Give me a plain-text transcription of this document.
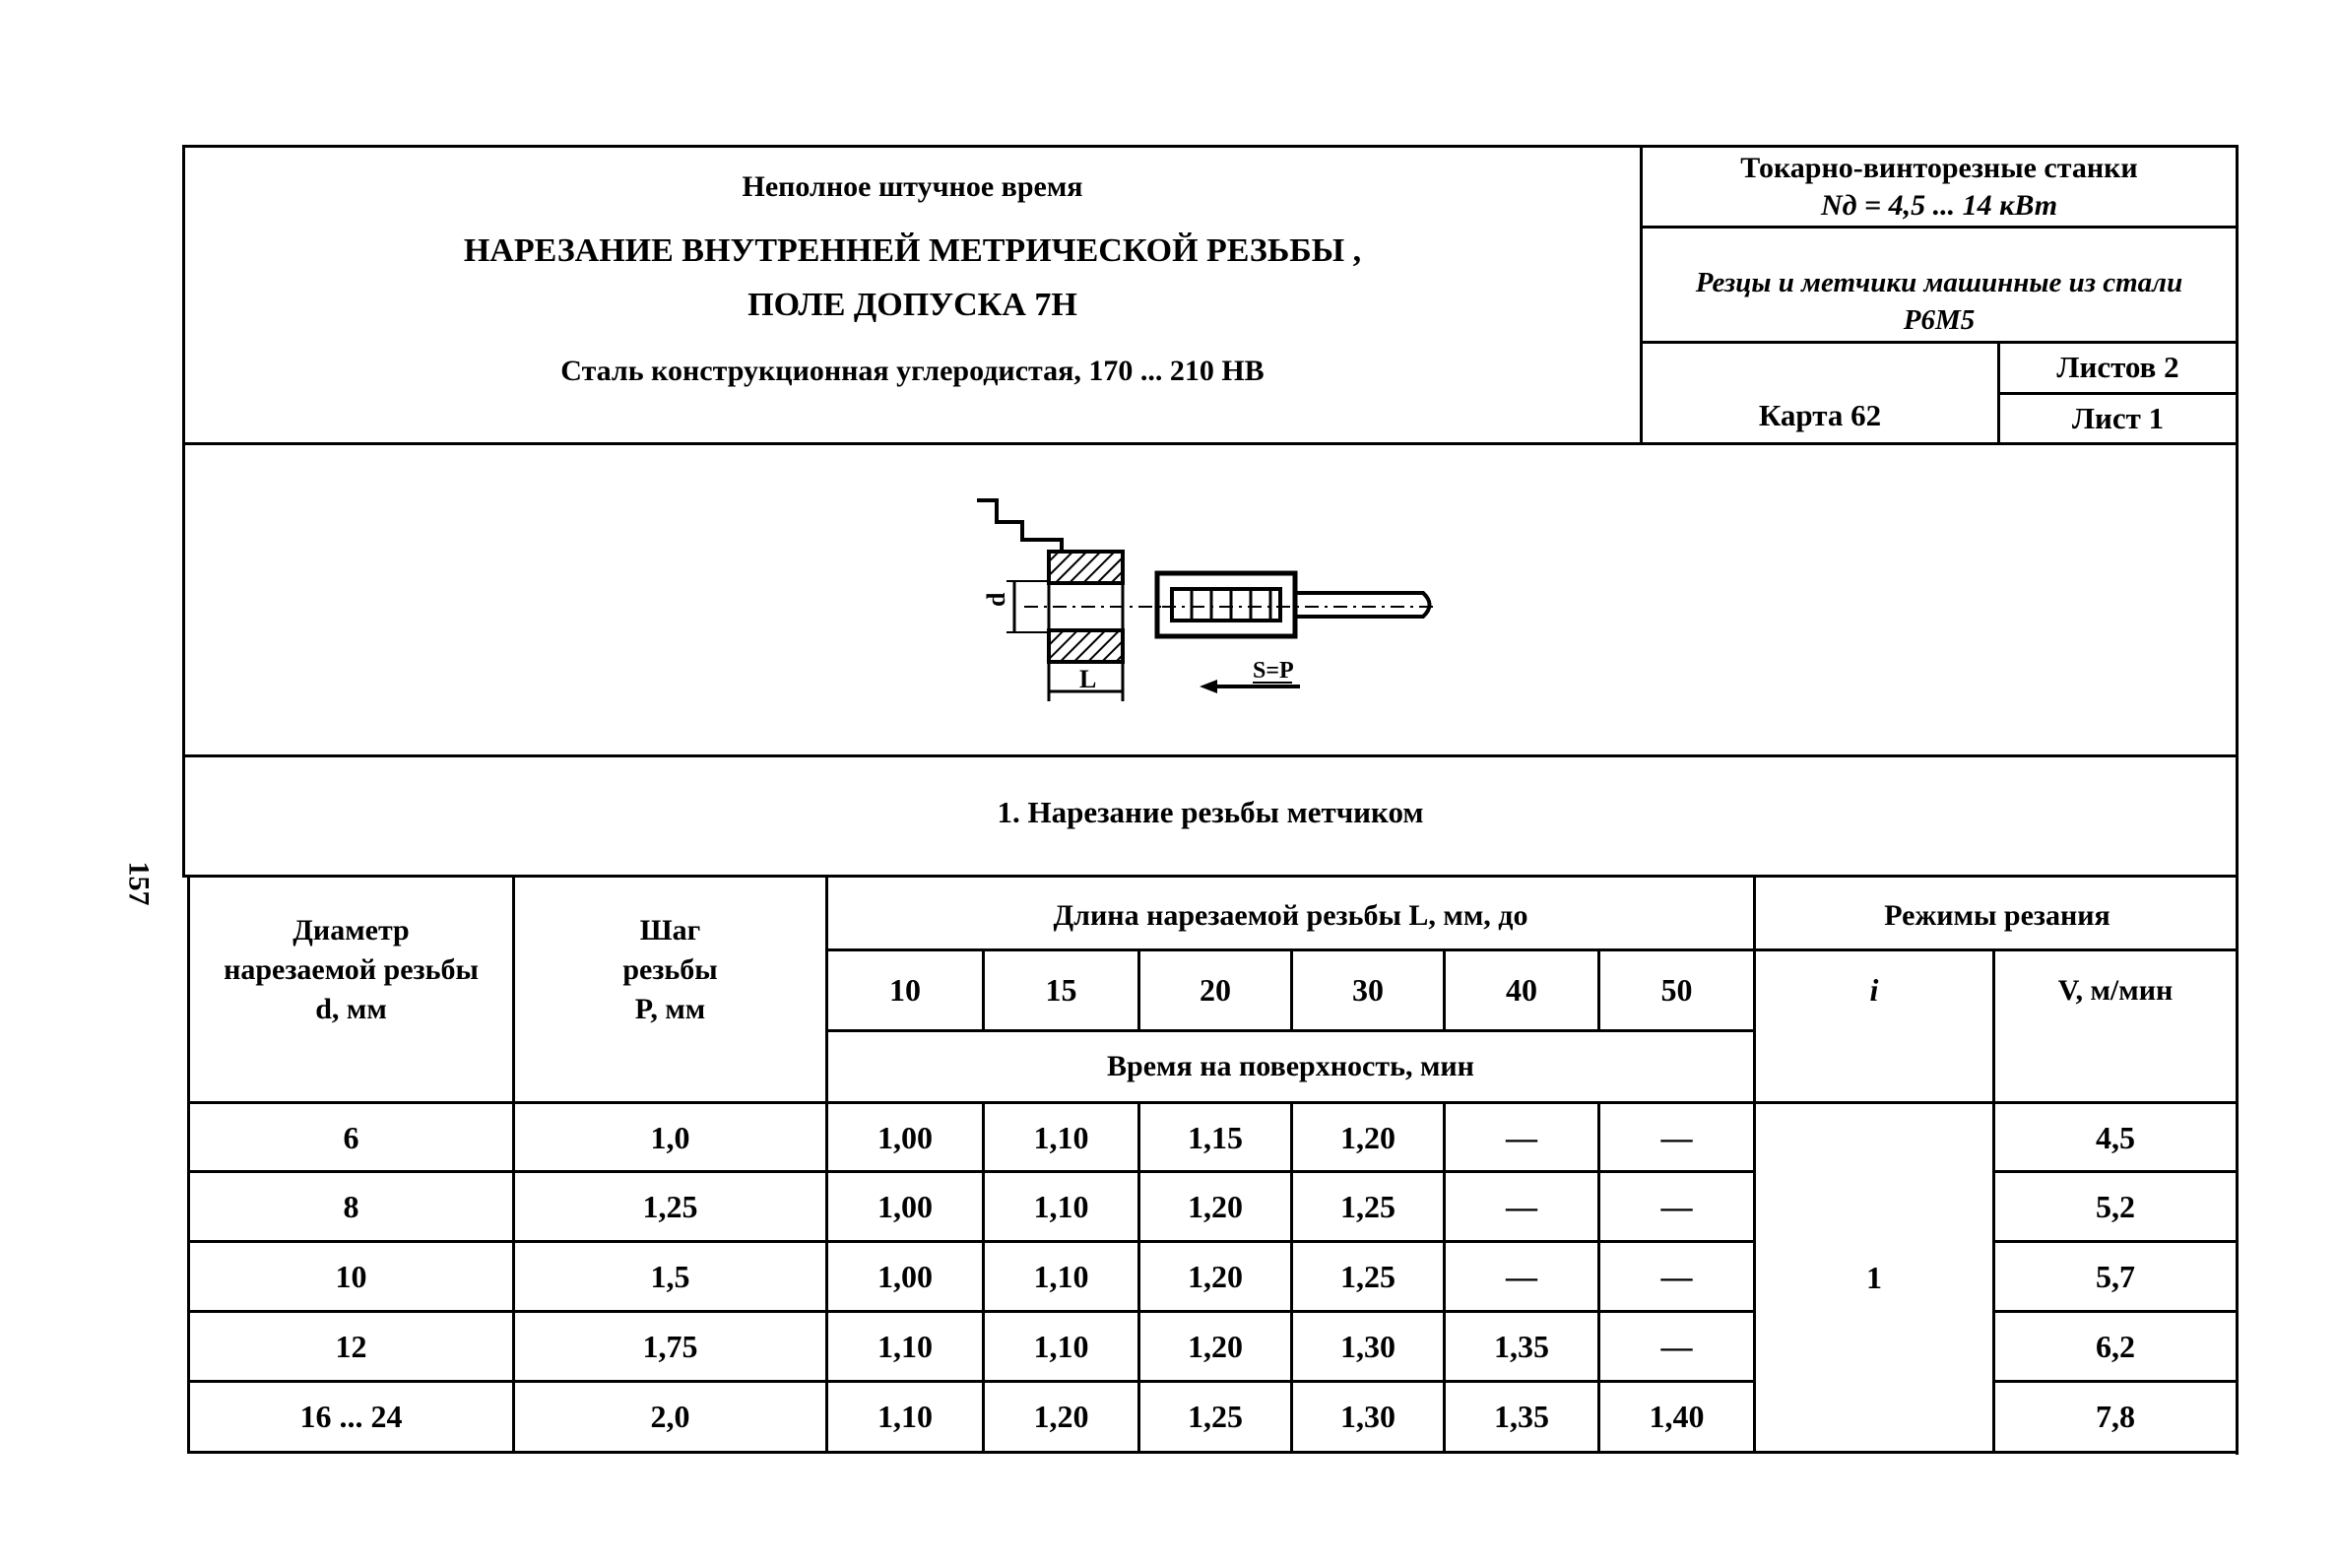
157
Неполное штучное время
НАРЕЗАНИЕ ВНУТРЕННЕЙ МЕТРИЧЕСКОЙ РЕЗЬБЫ ,
ПОЛЕ ДОПУСКА 7Н
Сталь конструкционная углеродистая, 170 ... 210 НВ
Токарно-винторезные станки
Nд = 4,5 ... 14 кВт
Резцы и метчики машинные из стали
Р6М5
Карта 62
Листов 2
Лист 1
d
L	S=P
1. Нарезание резьбы метчиком
Диаметр
нарезаемой резьбы
d, мм
Шаг
резьбы
P, мм
Длина нарезаемой резьбы L, мм, до	Режимы резания
10	15	20	30	40	50	i	V, м/мин
Время на поверхность, мин
6	1,0	1,00	1,10	1,15	1,20	—	—	4,5
8	1,25	1,00	1,10	1,20	1,25	—	—	5,2
10	1,5	1,00	1,10	1,20	1,25	—	—	5,7
12	1,75	1,10	1,10	1,20	1,30	1,35	—	6,2
16 ... 24	2,0	1,10	1,20	1,25	1,30	1,35	1,40	7,8
1
